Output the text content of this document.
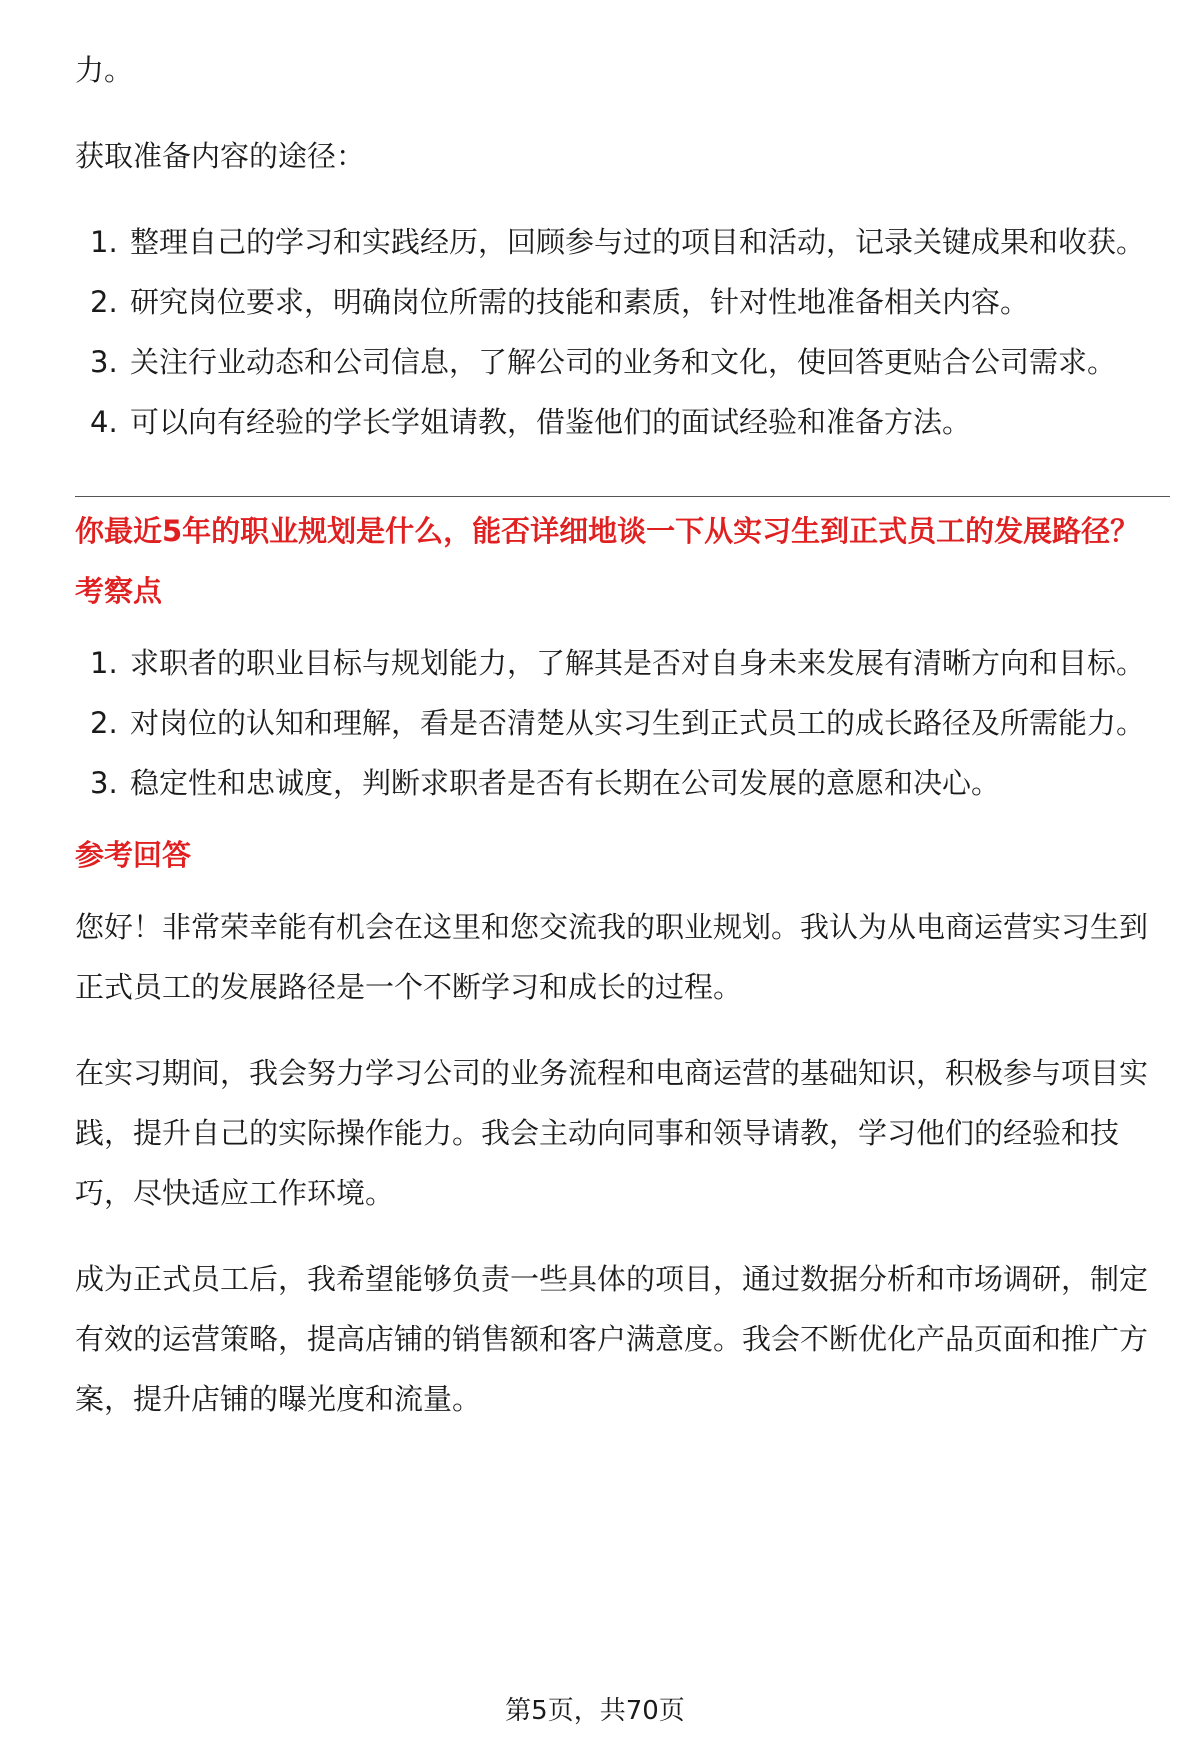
力。

获取准备内容的途径：

1. 整理自己的学习和实践经历，回顾参与过的项目和活动，记录关键成果和收获。
2. 研究岗位要求，明确岗位所需的技能和素质，针对性地准备相关内容。
3. 关注行业动态和公司信息，了解公司的业务和文化，使回答更贴合公司需求。
4. 可以向有经验的学长学姐请教，借鉴他们的面试经验和准备方法。

你最近5年的职业规划是什么，能否详细地谈一下从实习生到正式员工的发展路径？

考察点

1. 求职者的职业目标与规划能力，了解其是否对自身未来发展有清晰方向和目标。
2. 对岗位的认知和理解，看是否清楚从实习生到正式员工的成长路径及所需能力。
3. 稳定性和忠诚度，判断求职者是否有长期在公司发展的意愿和决心。

参考回答

您好！非常荣幸能有机会在这里和您交流我的职业规划。我认为从电商运营实习生到正式员工的发展路径是一个不断学习和成长的过程。

在实习期间，我会努力学习公司的业务流程和电商运营的基础知识，积极参与项目实践，提升自己的实际操作能力。我会主动向同事和领导请教，学习他们的经验和技巧，尽快适应工作环境。

成为正式员工后，我希望能够负责一些具体的项目，通过数据分析和市场调研，制定有效的运营策略，提高店铺的销售额和客户满意度。我会不断优化产品页面和推广方案，提升店铺的曝光度和流量。

第5页，共70页
